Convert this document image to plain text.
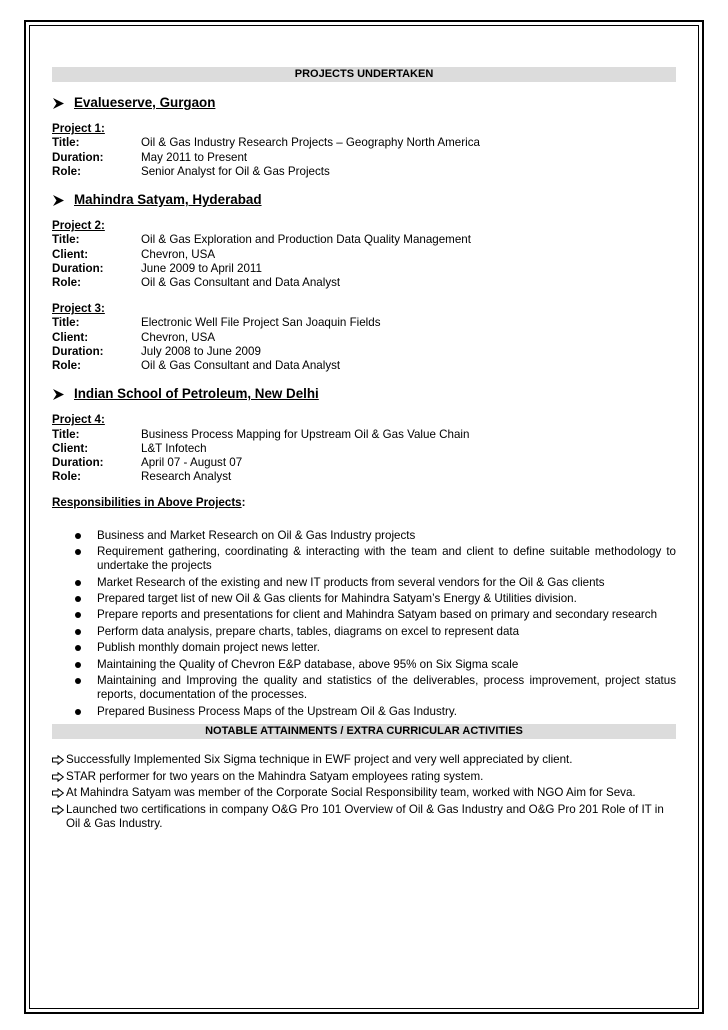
PROJECTS UNDERTAKEN
Evalueserve, Gurgaon
Project 1:
Title:	Oil & Gas Industry Research Projects – Geography North America
Duration:	May 2011 to Present
Role:	Senior Analyst for Oil & Gas Projects
Mahindra Satyam, Hyderabad
Project 2:
Title:	Oil & Gas Exploration and Production Data Quality Management
Client:	Chevron, USA
Duration:	June 2009 to April 2011
Role:	Oil & Gas Consultant and Data Analyst
Project 3:
Title:	Electronic Well File Project San Joaquin Fields
Client:	Chevron, USA
Duration:	July 2008 to June 2009
Role:	Oil & Gas Consultant and Data Analyst
Indian School of Petroleum, New Delhi
Project 4:
Title:	Business Process Mapping for Upstream Oil & Gas Value Chain
Client:	L&T Infotech
Duration:	April 07 - August 07
Role:	Research Analyst
Responsibilities in Above Projects:
Business and Market Research on Oil & Gas Industry projects
Requirement gathering, coordinating & interacting with the team and client to define suitable methodology to undertake the projects
Market Research of the existing and new IT products from several vendors for the Oil & Gas clients
Prepared target list of new Oil & Gas clients for Mahindra Satyam’s Energy & Utilities division.
Prepare reports and presentations for client and Mahindra Satyam based on primary and secondary research
Perform data analysis, prepare charts, tables, diagrams on excel to represent data
Publish monthly domain project news letter.
Maintaining the Quality of Chevron E&P database, above 95% on Six Sigma scale
Maintaining and Improving the quality and statistics of the deliverables, process improvement, project status reports, documentation of the processes.
Prepared Business Process Maps of the Upstream Oil & Gas Industry.
NOTABLE ATTAINMENTS / EXTRA CURRICULAR ACTIVITIES
Successfully Implemented Six Sigma technique in EWF project and very well appreciated by client.
STAR performer for two years on the Mahindra Satyam employees rating system.
At Mahindra Satyam was member of the Corporate Social Responsibility team, worked with NGO Aim for Seva.
Launched two certifications in company O&G Pro 101 Overview of Oil & Gas Industry and O&G Pro 201 Role of IT in Oil & Gas Industry.
